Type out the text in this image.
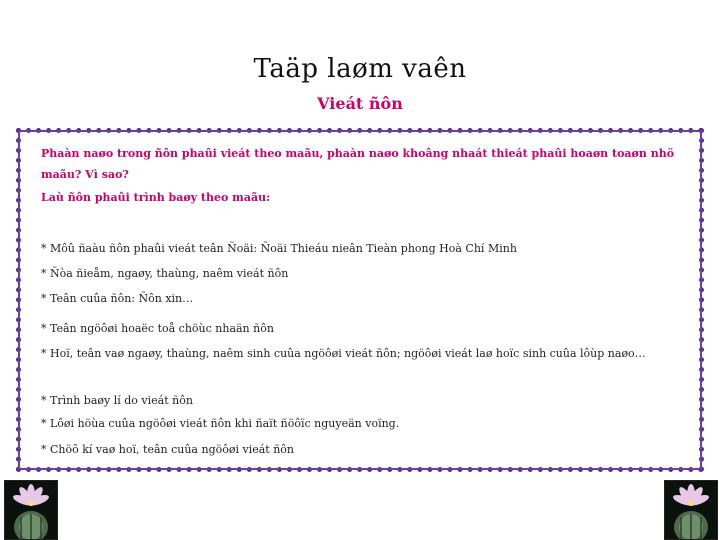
Taäp laøm vaên
Vieát ñôn

Phaàn naøo trong ñôn phaûi vieát theo maãu, phaàn naøo khoâng nhaát thieát phaûi hoaøn toaøn nhö maãu? Vì sao?

Laù ñôn phaûi trình baøy theo maãu:

* Môû ñaàu ñôn phaûi vieát teân Ñoäi: Ñoäi Thieáu nieân Tieàn phong Hoà Chí Minh
* Ñòa ñieåm, ngaøy, thaùng, naêm vieát ñôn
* Teân cuûa ñôn: Ñôn xin…
* Teân ngöôøi hoaëc toå chöùc nhaän ñôn
* Hoï, teân vaø ngaøy, thaùng, naêm sinh cuûa ngöôøi vieát ñôn; ngöôøi vieát laø hoïc sinh cuûa lôùp naøo…
* Trình baøy lí do vieát ñôn
* Lôøi höùa cuûa ngöôøi vieát ñôn khi ñaït ñöôïc nguyeän voïng.
* Chöõ kí vaø hoï, teân cuûa ngöôøi vieát ñôn
